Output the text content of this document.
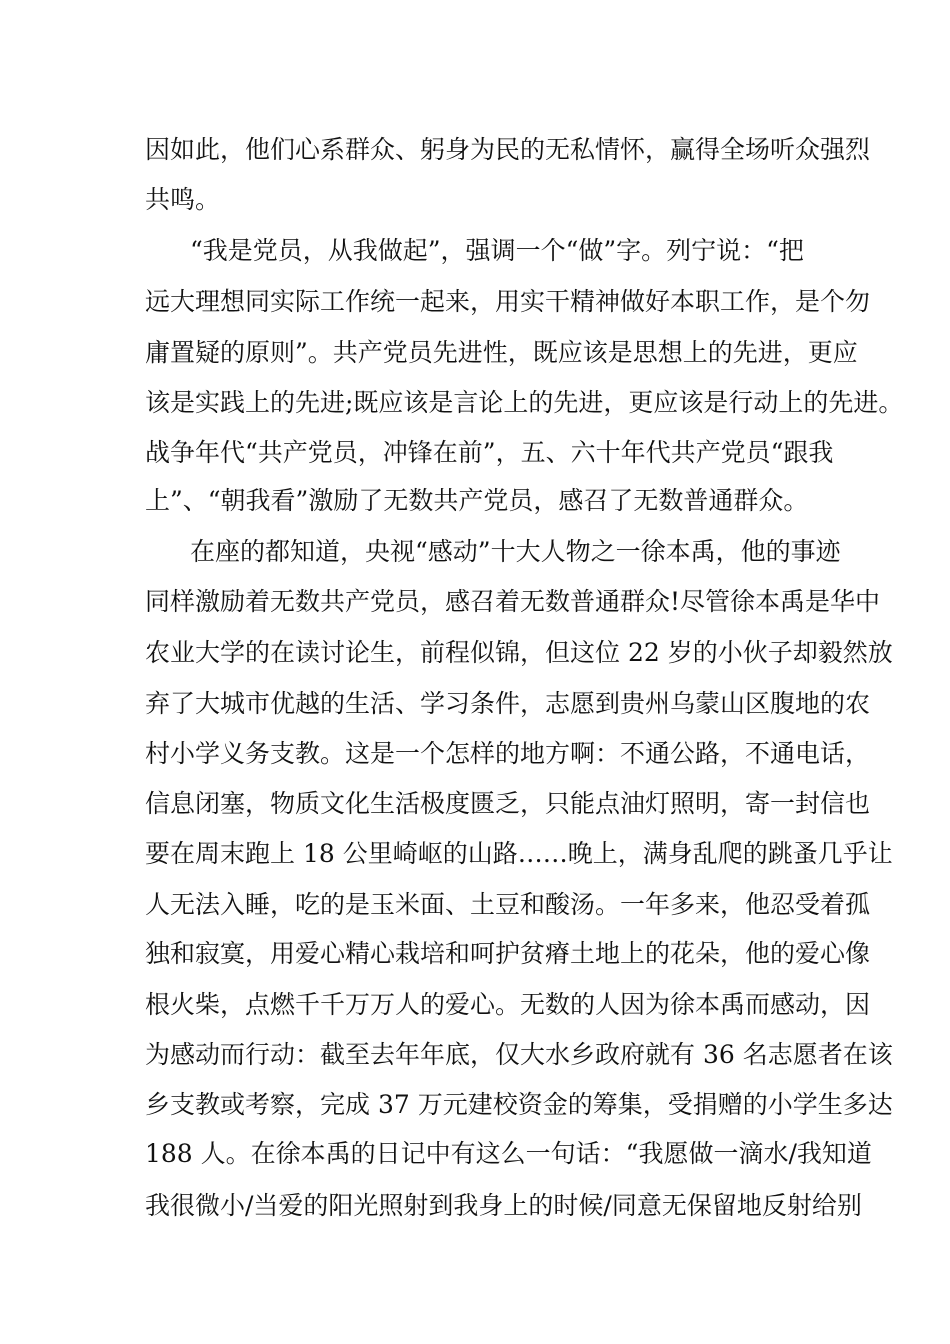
因如此，他们心系群众、躬身为民的无私情怀，赢得全场听众强烈
共鸣。
“我是党员，从我做起”，强调一个“做”字。列宁说：“把
远大理想同实际工作统一起来，用实干精神做好本职工作，是个勿
庸置疑的原则”。共产党员先进性，既应该是思想上的先进，更应
该是实践上的先进;既应该是言论上的先进，更应该是行动上的先进。
战争年代“共产党员，冲锋在前”，五、六十年代共产党员“跟我
上”、“朝我看”激励了无数共产党员，感召了无数普通群众。
在座的都知道，央视“感动”十大人物之一徐本禹，他的事迹
同样激励着无数共产党员，感召着无数普通群众!尽管徐本禹是华中
农业大学的在读讨论生，前程似锦，但这位 22 岁的小伙子却毅然放
弃了大城市优越的生活、学习条件，志愿到贵州乌蒙山区腹地的农
村小学义务支教。这是一个怎样的地方啊：不通公路，不通电话，
信息闭塞，物质文化生活极度匮乏，只能点油灯照明，寄一封信也
要在周末跑上 18 公里崎岖的山路……晚上，满身乱爬的跳蚤几乎让
人无法入睡，吃的是玉米面、土豆和酸汤。一年多来，他忍受着孤
独和寂寞，用爱心精心栽培和呵护贫瘠土地上的花朵，他的爱心像
根火柴，点燃千千万万人的爱心。无数的人因为徐本禹而感动，因
为感动而行动：截至去年年底，仅大水乡政府就有 36 名志愿者在该
乡支教或考察，完成 37 万元建校资金的筹集，受捐赠的小学生多达
188 人。在徐本禹的日记中有这么一句话：“我愿做一滴水/我知道
我很微小/当爱的阳光照射到我身上的时候/同意无保留地反射给别
